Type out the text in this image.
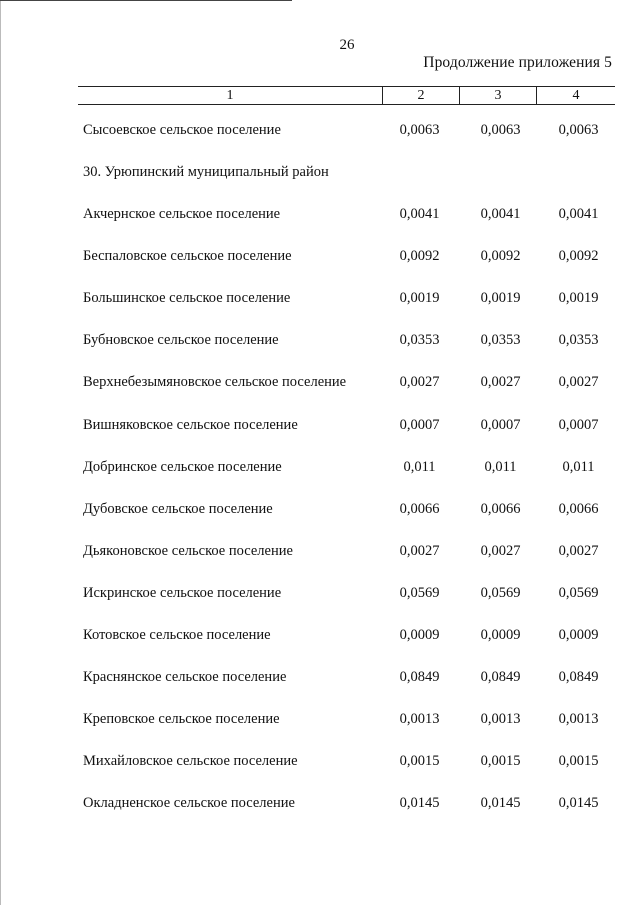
26
Продолжение приложения 5
1	2	3	4
Сысоевское сельское поселение	0,0063	0,0063	0,0063
30. Урюпинский муниципальный район
Акчернское сельское поселение	0,0041	0,0041	0,0041
Беспаловское сельское поселение	0,0092	0,0092	0,0092
Большинское сельское поселение	0,0019	0,0019	0,0019
Бубновское сельское поселение	0,0353	0,0353	0,0353
Верхнебезымяновское сельское поселение	0,0027	0,0027	0,0027
Вишняковское сельское поселение	0,0007	0,0007	0,0007
Добринское сельское поселение	0,011	0,011	0,011
Дубовское сельское поселение	0,0066	0,0066	0,0066
Дьяконовское сельское поселение	0,0027	0,0027	0,0027
Искринское сельское поселение	0,0569	0,0569	0,0569
Котовское сельское поселение	0,0009	0,0009	0,0009
Краснянское сельское поселение	0,0849	0,0849	0,0849
Креповское сельское поселение	0,0013	0,0013	0,0013
Михайловское сельское поселение	0,0015	0,0015	0,0015
Окладненское сельское поселение	0,0145	0,0145	0,0145
